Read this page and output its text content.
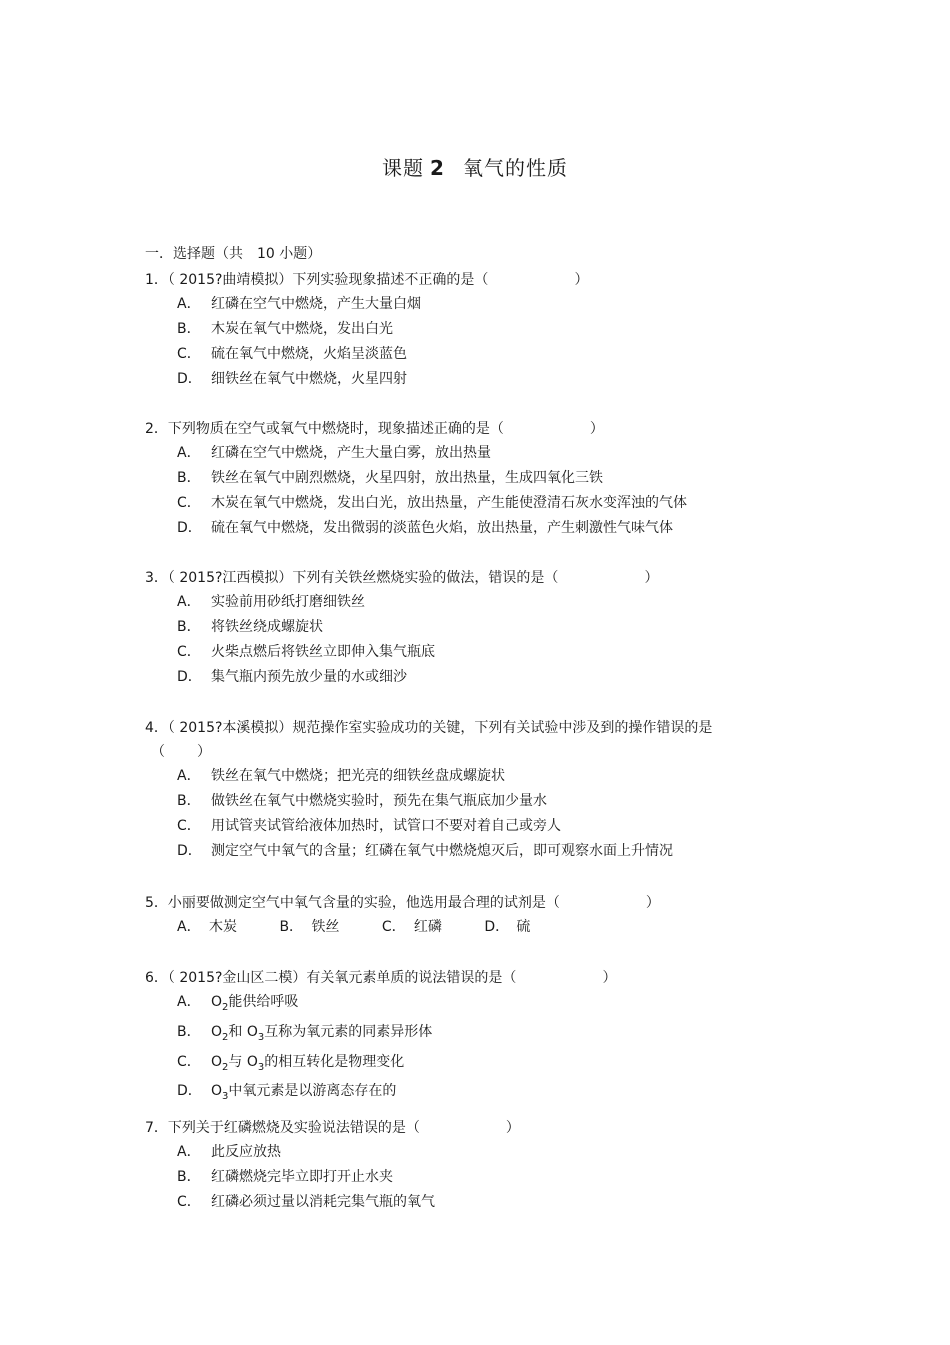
课题 2 氧气的性质
一．选择题（共　10 小题）
1．（ 2015?曲靖模拟）下列实验现象描述不正确的是（	）
A． 红磷在空气中燃烧，产生大量白烟
B． 木炭在氧气中燃烧，发出白光
C． 硫在氧气中燃烧，火焰呈淡蓝色
D． 细铁丝在氧气中燃烧，火星四射
2．下列物质在空气或氧气中燃烧时，现象描述正确的是（	）
A． 红磷在空气中燃烧，产生大量白雾，放出热量
B． 铁丝在氧气中剧烈燃烧，火星四射，放出热量，生成四氧化三铁
C． 木炭在氧气中燃烧，发出白光，放出热量，产生能使澄清石灰水变浑浊的气体
D． 硫在氧气中燃烧，发出微弱的淡蓝色火焰，放出热量，产生刺激性气味气体
3．（ 2015?江西模拟）下列有关铁丝燃烧实验的做法，错误的是（	）
A． 实验前用砂纸打磨细铁丝
B． 将铁丝绕成螺旋状
C． 火柴点燃后将铁丝立即伸入集气瓶底
D． 集气瓶内预先放少量的水或细沙
4．（ 2015?本溪模拟）规范操作室实验成功的关键，下列有关试验中涉及到的操作错误的是
（ ）
A． 铁丝在氧气中燃烧；把光亮的细铁丝盘成螺旋状
B． 做铁丝在氧气中燃烧实验时，预先在集气瓶底加少量水
C． 用试管夹试管给液体加热时，试管口不要对着自己或旁人
D． 测定空气中氧气的含量；红磷在氧气中燃烧熄灭后，即可观察水面上升情况
5．小丽要做测定空气中氧气含量的实验，他选用最合理的试剂是（	）
A． 木炭	B． 铁丝	C． 红磷	D． 硫
6．（ 2015?金山区二模）有关氧元素单质的说法错误的是（	）
A． $O_2$能供给呼吸
B． $O_2$和 $O_3$互称为氧元素的同素异形体
C． $O_2$与 $O_3$的相互转化是物理变化
D． $O_3$中氧元素是以游离态存在的
7．下列关于红磷燃烧及实验说法错误的是（	）
A． 此反应放热
B． 红磷燃烧完毕立即打开止水夹
C． 红磷必须过量以消耗完集气瓶的氧气
